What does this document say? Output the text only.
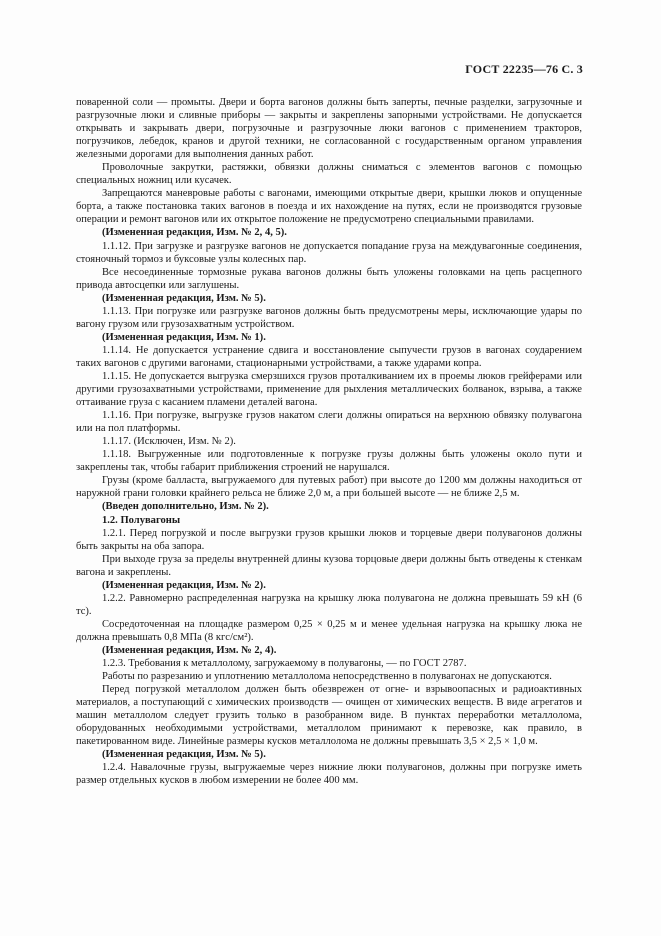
ГОСТ 22235—76 С. 3

поваренной соли — промыты. Двери и борта вагонов должны быть заперты, печные разделки, загрузочные и разгрузочные люки и сливные приборы — закрыты и закреплены запорными устройствами. Не допускается открывать и закрывать двери, погрузочные и разгрузочные люки вагонов с применением тракторов, погрузчиков, лебедок, кранов и другой техники, не согласованной с государственным органом управления железными дорогами для выполнения данных работ.

Проволочные закрутки, растяжки, обвязки должны сниматься с элементов вагонов с помощью специальных ножниц или кусачек.

Запрещаются маневровые работы с вагонами, имеющими открытые двери, крышки люков и опущенные борта, а также постановка таких вагонов в поезда и их нахождение на путях, если не производятся грузовые операции и ремонт вагонов или их открытое положение не предусмотрено специальными правилами.

(Измененная редакция, Изм. № 2, 4, 5).

1.1.12. При загрузке и разгрузке вагонов не допускается попадание груза на междувагонные соединения, стояночный тормоз и буксовые узлы колесных пар.

Все несоединенные тормозные рукава вагонов должны быть уложены головками на цепь расцепного привода автосцепки или заглушены.

(Измененная редакция, Изм. № 5).

1.1.13. При погрузке или разгрузке вагонов должны быть предусмотрены меры, исключающие удары по вагону грузом или грузозахватным устройством.

(Измененная редакция, Изм. № 1).

1.1.14. Не допускается устранение сдвига и восстановление сыпучести грузов в вагонах соударением таких вагонов с другими вагонами, стационарными устройствами, а также ударами копра.

1.1.15. Не допускается выгрузка смерзшихся грузов проталкиванием их в проемы люков грейферами или другими грузозахватными устройствами, применение для рыхления металлических болванок, взрыва, а также оттаивание груза с касанием пламени деталей вагона.

1.1.16. При погрузке, выгрузке грузов накатом слеги должны опираться на верхнюю обвязку полувагона или на пол платформы.

1.1.17. (Исключен, Изм. № 2).

1.1.18. Выгруженные или подготовленные к погрузке грузы должны быть уложены около пути и закреплены так, чтобы габарит приближения строений не нарушался.

Грузы (кроме балласта, выгружаемого для путевых работ) при высоте до 1200 мм должны находиться от наружной грани головки крайнего рельса не ближе 2,0 м, а при большей высоте — не ближе 2,5 м.

(Введен дополнительно, Изм. № 2).

1.2. Полувагоны

1.2.1. Перед погрузкой и после выгрузки грузов крышки люков и торцевые двери полувагонов должны быть закрыты на оба запора.

При выходе груза за пределы внутренней длины кузова торцовые двери должны быть отведены к стенкам вагона и закреплены.

(Измененная редакция, Изм. № 2).

1.2.2. Равномерно распределенная нагрузка на крышку люка полувагона не должна превышать 59 кН (6 тс).

Сосредоточенная на площадке размером 0,25 × 0,25 м и менее удельная нагрузка на крышку люка не должна превышать 0,8 МПа (8 кгс/см²).

(Измененная редакция, Изм. № 2, 4).

1.2.3. Требования к металлолому, загружаемому в полувагоны, — по ГОСТ 2787.

Работы по разрезанию и уплотнению металлолома непосредственно в полувагонах не допускаются.

Перед погрузкой металлолом должен быть обезврежен от огне- и взрывоопасных и радиоактивных материалов, а поступающий с химических производств — очищен от химических веществ. В виде агрегатов и машин металлолом следует грузить только в разобранном виде. В пунктах переработки металлолома, оборудованных необходимыми устройствами, металлолом принимают к перевозке, как правило, в пакетированном виде. Линейные размеры кусков металлолома не должны превышать 3,5 × 2,5 × 1,0 м.

(Измененная редакция, Изм. № 5).

1.2.4. Навалочные грузы, выгружаемые через нижние люки полувагонов, должны при погрузке иметь размер отдельных кусков в любом измерении не более 400 мм.
